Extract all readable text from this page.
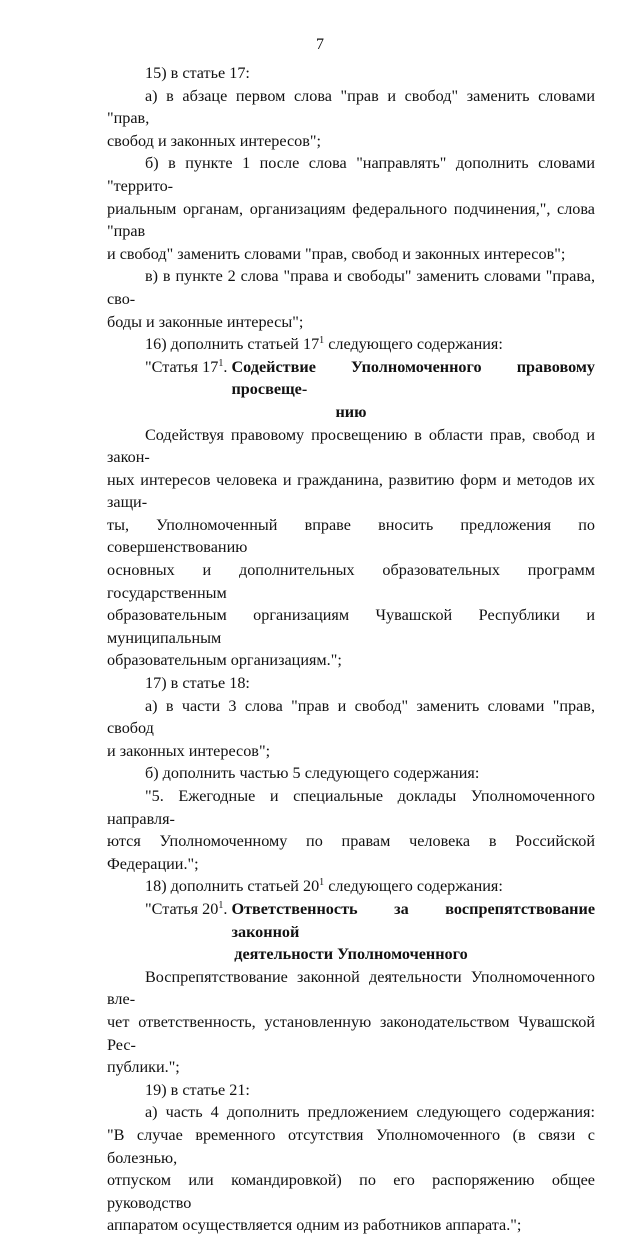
7

15) в статье 17:

а) в абзаце первом слова "прав и свобод" заменить словами "прав,

свобод и законных интересов";

б) в пункте 1 после слова "направлять" дополнить словами "террито-

риальным органам, организациям федерального подчинения,", слова "прав

и свобод" заменить словами "прав, свобод и законных интересов";

в) в пункте 2 слова "права и свободы" заменить словами "права, сво-

боды и законные интересы";

16) дополнить статьей $17^1$ следующего содержания:

"Статья $17^1$. Содействие Уполномоченного правовому просвеще-

нию

Содействуя правовому просвещению в области прав, свобод и закон-

ных интересов человека и гражданина, развитию форм и методов их защи-

ты, Уполномоченный вправе вносить предложения по совершенствованию

основных и дополнительных образовательных программ государственным

образовательным организациям Чувашской Республики и муниципальным

образовательным организациям.";

17) в статье 18:

а) в части 3 слова "прав и свобод" заменить словами "прав, свобод

и законных интересов";

б) дополнить частью 5 следующего содержания:

"5. Ежегодные и специальные доклады Уполномоченного направля-

ются Уполномоченному по правам человека в Российской Федерации.";

18) дополнить статьей $20^1$ следующего содержания:

"Статья $20^1$. Ответственность за воспрепятствование законной

деятельности Уполномоченного

Воспрепятствование законной деятельности Уполномоченного вле-

чет ответственность, установленную законодательством Чувашской Рес-

публики.";

19) в статье 21:

а) часть 4 дополнить предложением следующего содержания:

"В случае временного отсутствия Уполномоченного (в связи с болезнью,

отпуском или командировкой) по его распоряжению общее руководство

аппаратом осуществляется одним из работников аппарата.";
